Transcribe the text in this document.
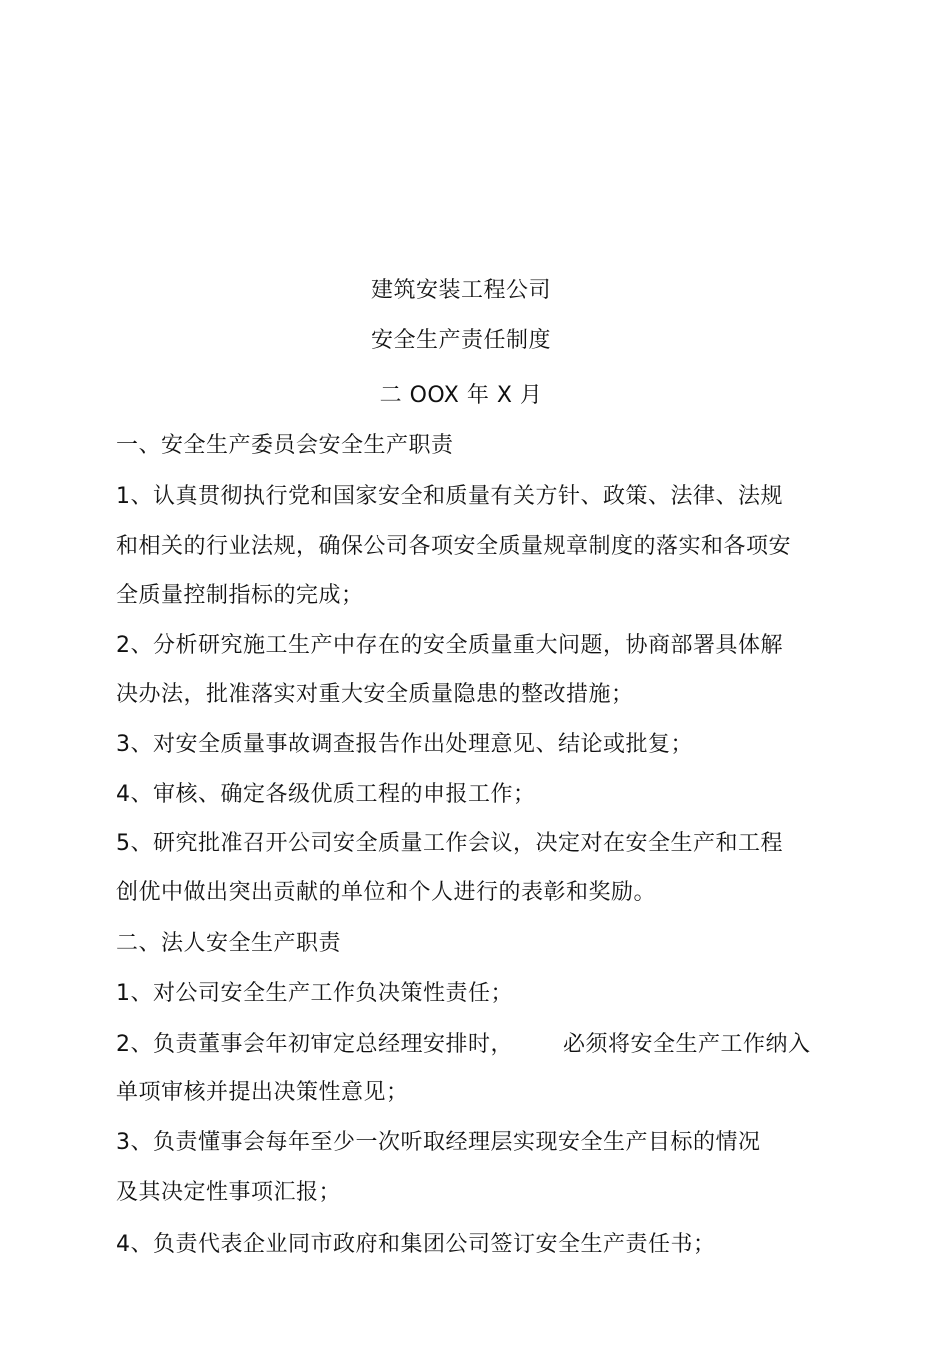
建筑安装工程公司
安全生产责任制度
二 OOX 年 X 月
一、安全生产委员会安全生产职责
1、认真贯彻执行党和国家安全和质量有关方针、政策、法律、法规
和相关的行业法规，确保公司各项安全质量规章制度的落实和各项安
全质量控制指标的完成；
2、分析研究施工生产中存在的安全质量重大问题，协商部署具体解
决办法，批准落实对重大安全质量隐患的整改措施；
3、对安全质量事故调查报告作出处理意见、结论或批复；
4、审核、确定各级优质工程的申报工作；
5、研究批准召开公司安全质量工作会议，决定对在安全生产和工程
创优中做出突出贡献的单位和个人进行的表彰和奖励。
二、法人安全生产职责
1、对公司安全生产工作负决策性责任；
2、负责董事会年初审定总经理安排时， 必须将安全生产工作纳入
单项审核并提出决策性意见；
3、负责懂事会每年至少一次听取经理层实现安全生产目标的情况
及其决定性事项汇报；
4、负责代表企业同市政府和集团公司签订安全生产责任书；
